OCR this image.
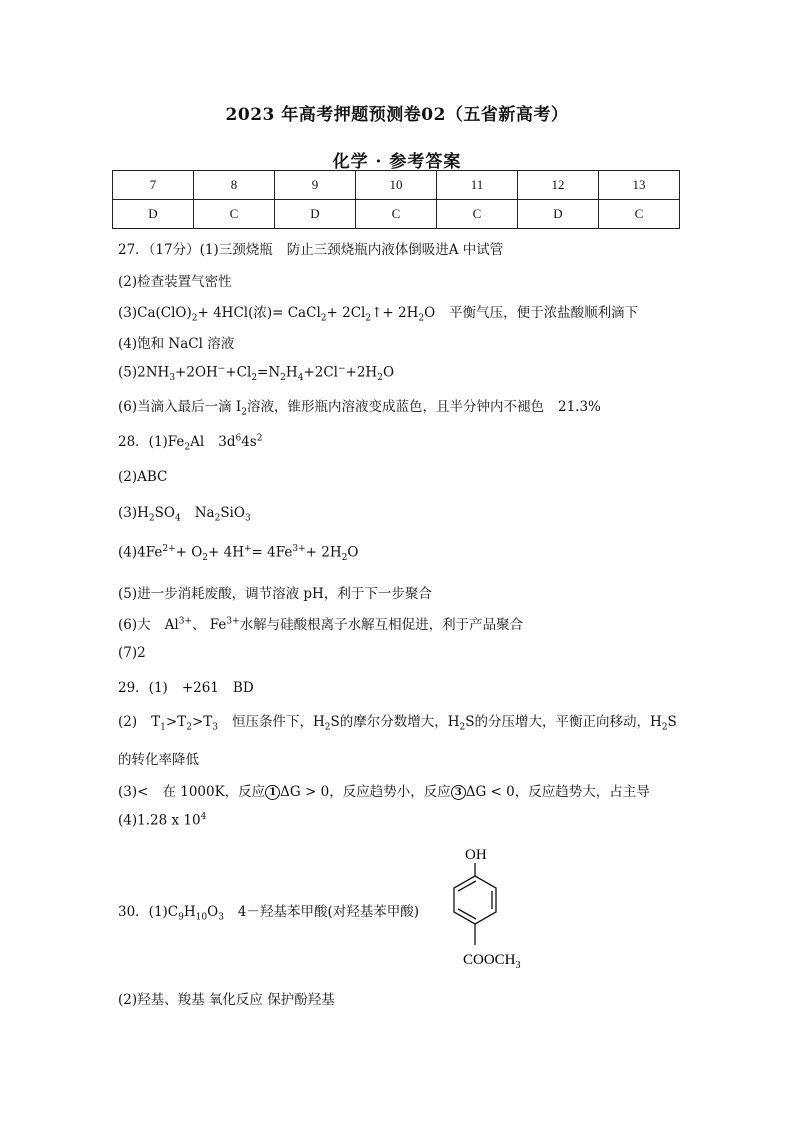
2023 年高考押题预测卷02（五省新高考）
化学 · 参考答案
7	8	9	10	11	12	13
D	C	D	C	C	D	C
27．（17分）(1)三颈烧瓶 防止三颈烧瓶内液体倒吸进A 中试管
(2)检查装置气密性
$(3)Ca(ClO)_2+ 4HCl$(浓)= CaCl$_2$+ $2Cl_2↑+ 2H_2O$ 平衡气压，便于浓盐酸顺利滴下
(4)饱和 NaCl 溶液
$(5)2NH_3+2OH^-+Cl_2=N_2H_4+2Cl^-+2H_2O$
(6)当滴入最后一滴 $I_2$溶液，锥形瓶内溶液变成蓝色，且半分钟内不褪色 21.3%
28．$(1)Fe_2Al$ $3d^64s^2$
(2)ABC
$(3)H_2SO_4$ $Na_2SiO_3$
$(4)4Fe^{2+}+ O_2+ 4H^+= 4Fe^{3+}+ 2H_2O$
(5)进一步消耗废酸，调节溶液 pH，利于下一步聚合
(6)大 $Al^{3+}$、 $Fe^{3+}$水解与硅酸根离子水解互相促进，利于产品聚合
(7)2
29．(1) +261 BD
(2) $T_1>T_2>T_3$ 恒压条件下，$H_2S$的摩尔分数增大，$H_2S$的分压增大，平衡正向移动，$H_2S$
的转化率降低
(3)< 在 1000K，反应 1 ΔG > 0，反应趋势小，反应 3 ΔG < 0，反应趋势大，占主导
(4)1.28 x $10^4$
30．$(1)C_9H_{10}O_3$ 4－羟基苯甲酸(对羟基苯甲酸)
OH
$COOCH_3$
(2)羟基、羧基 氧化反应 保护酚羟基
